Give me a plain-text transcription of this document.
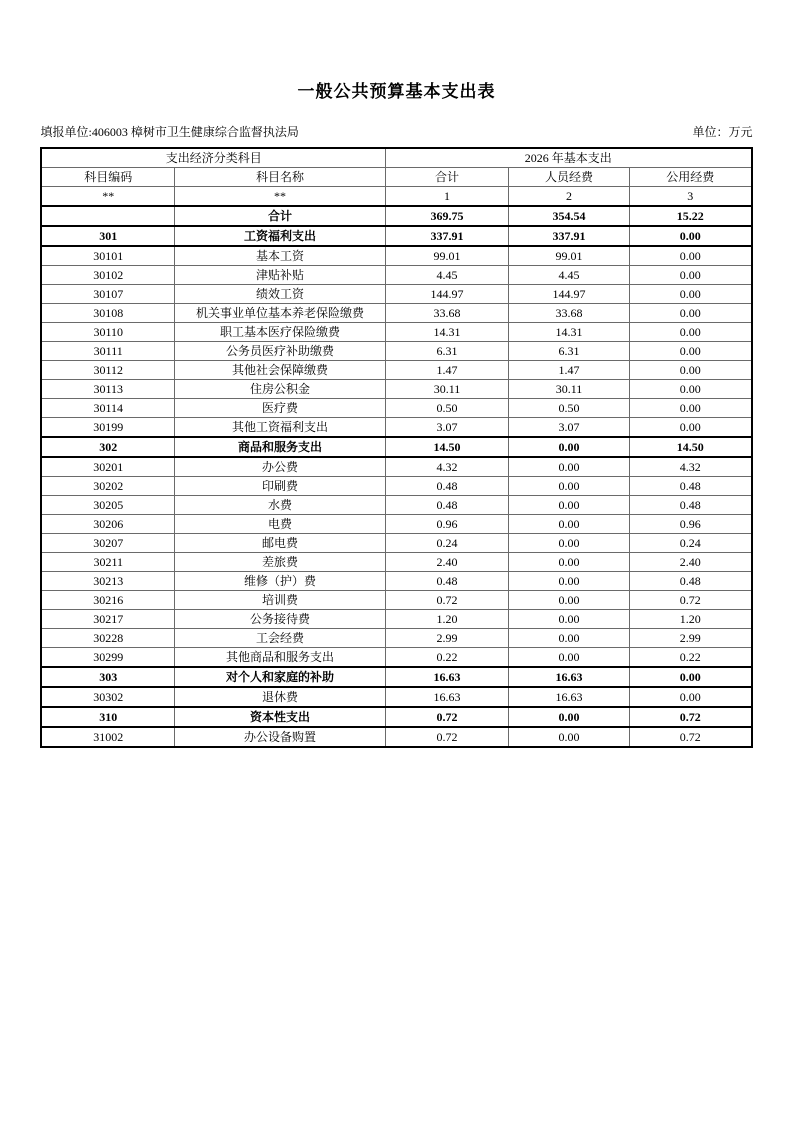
一般公共预算基本支出表
填报单位:406003 樟树市卫生健康综合监督执法局	单位：万元
支出经济分类科目		2026 年基本支出		
科目编码	科目名称	合计	人员经费	公用经费
**	**	1	2	3
	合计	369.75	354.54	15.22
301	工资福利支出	337.91	337.91	0.00
30101	基本工资	99.01	99.01	0.00
30102	津贴补贴	4.45	4.45	0.00
30107	绩效工资	144.97	144.97	0.00
30108	机关事业单位基本养老保险缴费	33.68	33.68	0.00
30110	职工基本医疗保险缴费	14.31	14.31	0.00
30111	公务员医疗补助缴费	6.31	6.31	0.00
30112	其他社会保障缴费	1.47	1.47	0.00
30113	住房公积金	30.11	30.11	0.00
30114	医疗费	0.50	0.50	0.00
30199	其他工资福利支出	3.07	3.07	0.00
302	商品和服务支出	14.50	0.00	14.50
30201	办公费	4.32	0.00	4.32
30202	印刷费	0.48	0.00	0.48
30205	水费	0.48	0.00	0.48
30206	电费	0.96	0.00	0.96
30207	邮电费	0.24	0.00	0.24
30211	差旅费	2.40	0.00	2.40
30213	维修（护）费	0.48	0.00	0.48
30216	培训费	0.72	0.00	0.72
30217	公务接待费	1.20	0.00	1.20
30228	工会经费	2.99	0.00	2.99
30299	其他商品和服务支出	0.22	0.00	0.22
303	对个人和家庭的补助	16.63	16.63	0.00
30302	退休费	16.63	16.63	0.00
310	资本性支出	0.72	0.00	0.72
31002	办公设备购置	0.72	0.00	0.72
